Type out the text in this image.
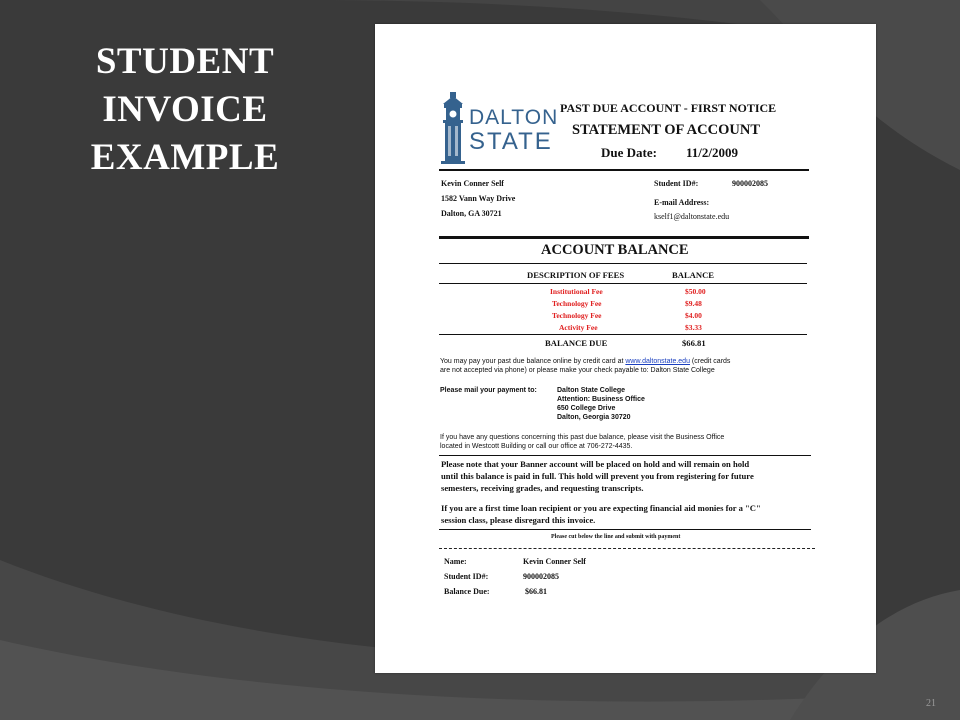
STUDENT
INVOICE
EXAMPLE
21
DALTON
STATE
PAST DUE ACCOUNT - FIRST NOTICE
STATEMENT OF ACCOUNT
Due Date: 11/2/2009
Kevin Conner Self
1582 Vann Way Drive
Dalton, GA 30721
Student ID#:	900002085
E-mail Address:
kself1@daltonstate.edu
ACCOUNT BALANCE
DESCRIPTION OF FEES	BALANCE
Institutional Fee	$50.00
Technology Fee	$9.48
Technology Fee	$4.00
Activity Fee	$3.33
BALANCE DUE	$66.81
You may pay your past due balance online by credit card at www.daltonstate.edu (credit cards
are not accepted via phone) or please make your check payable to: Dalton State College
Please mail your payment to:	Dalton State College
Attention: Business Office
650 College Drive
Dalton, Georgia 30720
If you have any questions concerning this past due balance, please visit the Business Office
located in Westcott Building or call our office at 706-272-4435.
Please note that your Banner account will be placed on hold and will remain on hold
until this balance is paid in full. This hold will prevent you from registering for future
semesters, receiving grades, and requesting transcripts.
If you are a first time loan recipient or you are expecting financial aid monies for a "C"
session class, please disregard this invoice.
Please cut below the line and submit with payment
Name:	Kevin Conner Self
Student ID#:	900002085
Balance Due:	$66.81
